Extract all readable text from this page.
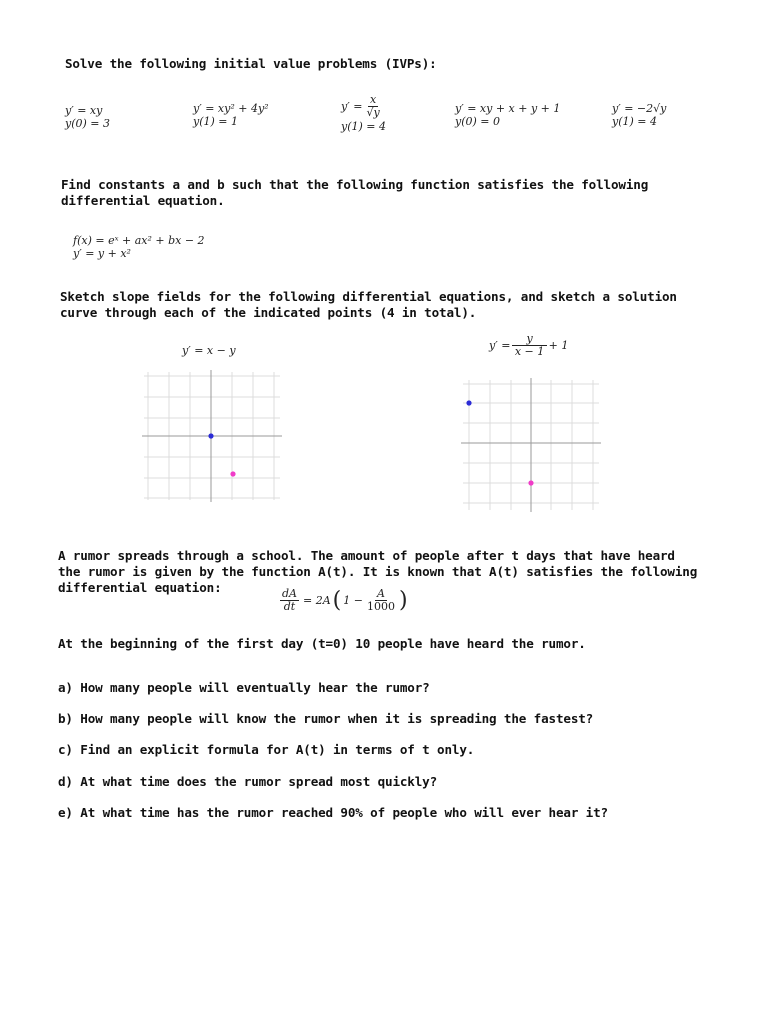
Solve the following initial value problems (IVPs):
y′ = xy
y(0) = 3
y′ = xy² + 4y²
y(1) = 1
$y' = \frac{x}{√y}$
y(1) = 4
y′ = xy + x + y + 1
y(0) = 0
y′ = −2√y
y(1) = 4
Find constants a and b such that the following function satisfies the following
differential equation.
f(x) = eˣ + ax² + bx − 2
y′ = y + x²
Sketch slope fields for the following differential equations, and sketch a solution
curve through each of the indicated points (4 in total).
y′ = x − y	$y' = \frac{y}{x - 1} + 1$
A rumor spreads through a school. The amount of people after t days that have heard
the rumor is given by the function A(t). It is known that A(t) satisfies the following
differential equation:
$\frac{dA}{dt} = 2A$ ( $1 - \frac{A}{1000}$ )
At the beginning of the first day (t=0) 10 people have heard the rumor.
a) How many people will eventually hear the rumor?
b) How many people will know the rumor when it is spreading the fastest?
c) Find an explicit formula for A(t) in terms of t only.
d) At what time does the rumor spread most quickly?
e) At what time has the rumor reached 90% of people who will ever hear it?
